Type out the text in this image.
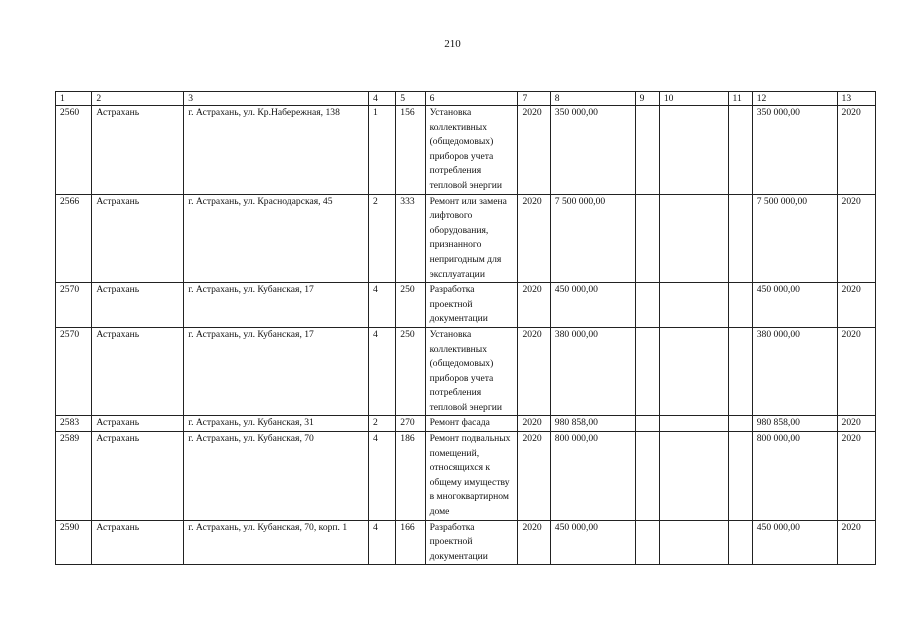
210
1	2	3	4	5	6	7	8	9	10	11	12	13
2560	Астрахань	г. Астрахань, ул. Кр.Набережная, 138	1	156	Установка коллективных (общедомовых) приборов учета потребления тепловой энергии	2020	350 000,00				350 000,00	2020
2566	Астрахань	г. Астрахань, ул. Краснодарская, 45	2	333	Ремонт или замена лифтового оборудования, признанного непригодным для эксплуатации	2020	7 500 000,00				7 500 000,00	2020
2570	Астрахань	г. Астрахань, ул. Кубанская, 17	4	250	Разработка проектной документации	2020	450 000,00				450 000,00	2020
2570	Астрахань	г. Астрахань, ул. Кубанская, 17	4	250	Установка коллективных (общедомовых) приборов учета потребления тепловой энергии	2020	380 000,00				380 000,00	2020
2583	Астрахань	г. Астрахань, ул. Кубанская, 31	2	270	Ремонт фасада	2020	980 858,00				980 858,00	2020
2589	Астрахань	г. Астрахань, ул. Кубанская, 70	4	186	Ремонт подвальных помещений, относящихся к общему имуществу в многоквартирном доме	2020	800 000,00				800 000,00	2020
2590	Астрахань	г. Астрахань, ул. Кубанская, 70, корп. 1	4	166	Разработка проектной документации	2020	450 000,00				450 000,00	2020
